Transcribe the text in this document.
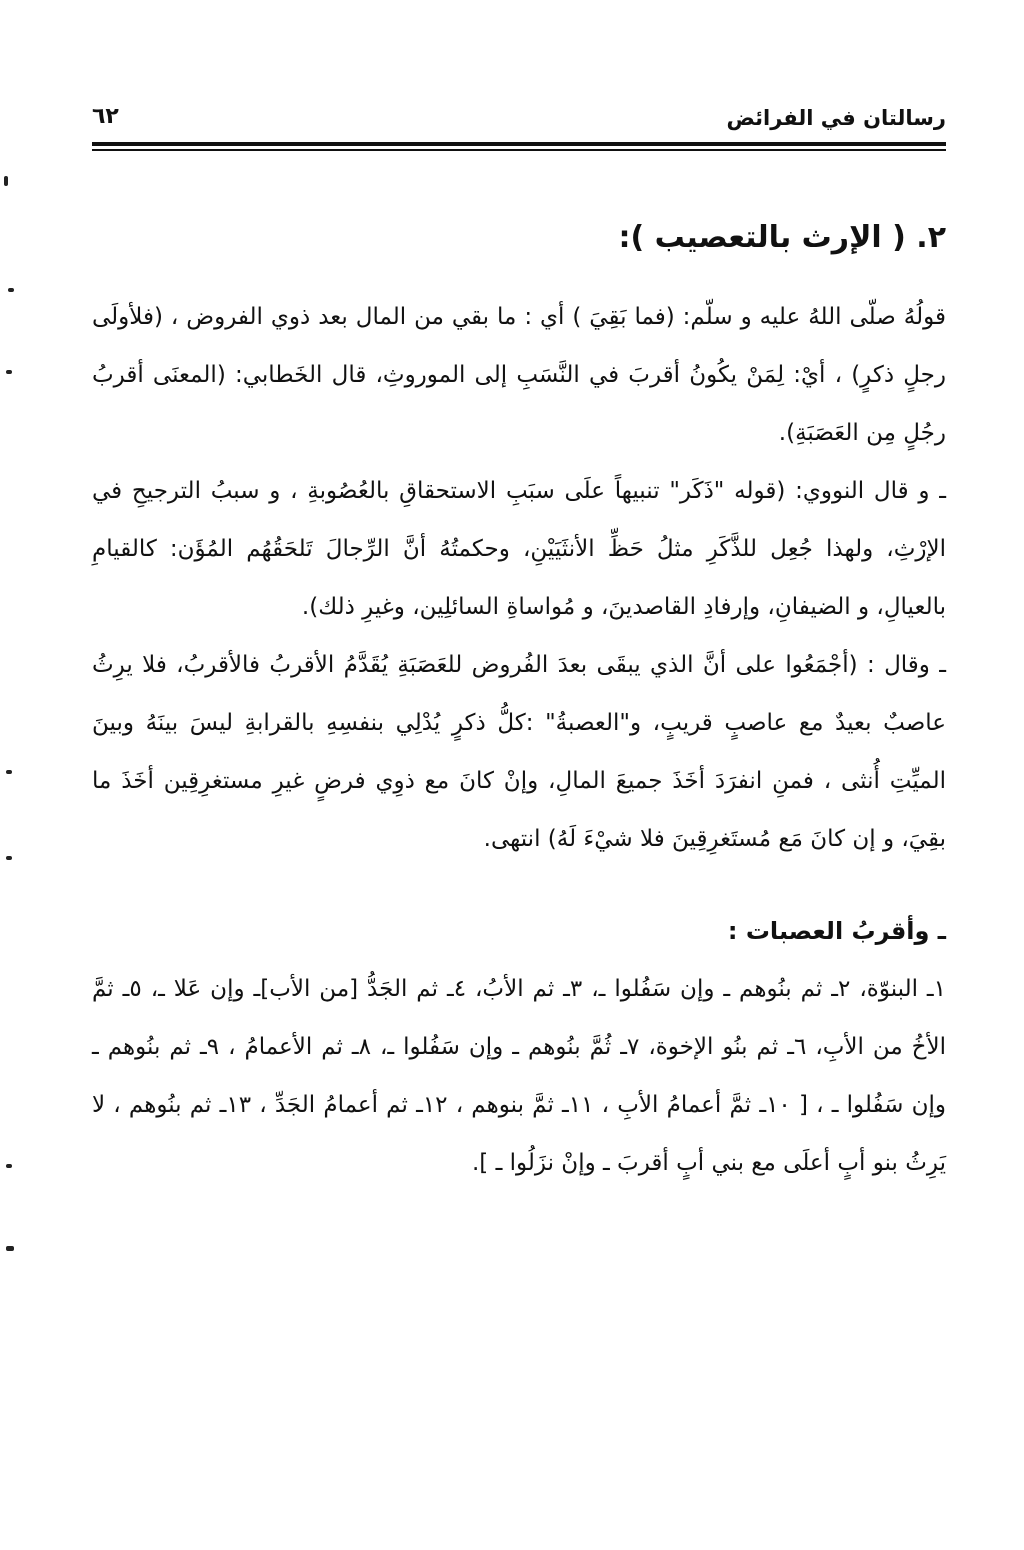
رسالتان في الفرائض
٦٢
٢. ( الإرث بالتعصيب ):

قولُهُ صلّى اللهُ عليه و سلّم: (فما بَقِيَ ) أي : ما بقي من المال بعد ذوي الفروض ، (فلأولَى رجلٍ ذكرٍ) ، أيْ: لِمَنْ يكُونُ أقربَ في النَّسَبِ إلى الموروثِ، قال الخَطابي: (المعنَى أقربُ رجُلٍ مِن العَصَبَةِ).

ـ و قال النووي: (قوله "ذَكَر" تنبيهاً علَى سبَبِ الاستحقاقِ بالعُصُوبةِ ، و سببُ الترجيحِ في الإرْثِ، ولهذا جُعِل للذَّكَرِ مثلُ حَظِّ الأنثَيَيْنِ، وحكمتُهُ أنَّ الرِّجالَ تَلحَقُهُم المُؤَن: كالقيامِ بالعيالِ، و الضيفانِ، وإرفادِ القاصدينَ، و مُواساةِ السائلِين، وغيرِ ذلك).

ـ وقال : (أجْمَعُوا على أنَّ الذي يبقَى بعدَ الفُروض للعَصَبَةِ يُقَدَّمُ الأقربُ فالأقربُ، فلا يرِثُ عاصبٌ بعيدٌ مع عاصبٍ قريبٍ، و"العصبةُ" :كلُّ ذكرٍ يُدْلِي بنفسِهِ بالقرابةِ ليسَ بينَهُ وبينَ الميِّتِ أُنثى ، فمنِ انفرَدَ أخَذَ جميعَ المالِ، وإنْ كانَ مع ذوِي فرضٍ غيرِ مستغرِقِين أخَذَ ما بقِيَ، و إن كانَ مَع مُستَغرِقِينَ فلا شيْءَ لَهُ) انتهى.

ـ وأقربُ العصبات :

١ـ البنوّة، ٢ـ ثم بنُوهم ـ وإن سَفُلوا ـ، ٣ـ ثم الأبُ، ٤ـ ثم الجَدُّ [من الأب]ـ وإن عَلا ـ، ٥ـ ثمَّ الأخُ من الأبِ، ٦ـ ثم بنُو الإخوة، ٧ـ ثُمَّ بنُوهم ـ وإن سَفُلوا ـ، ٨ـ ثم الأعمامُ ، ٩ـ ثم بنُوهم ـ وإن سَفُلوا ـ ، [ ١٠ـ ثمَّ أعمامُ الأبِ ، ١١ـ ثمَّ بنوهم ، ١٢ـ ثم أعمامُ الجَدِّ ، ١٣ـ ثم بنُوهم ، لا يَرِثُ بنو أبٍ أعلَى مع بني أبٍ أقربَ ـ وإنْ نزَلُوا ـ ].
